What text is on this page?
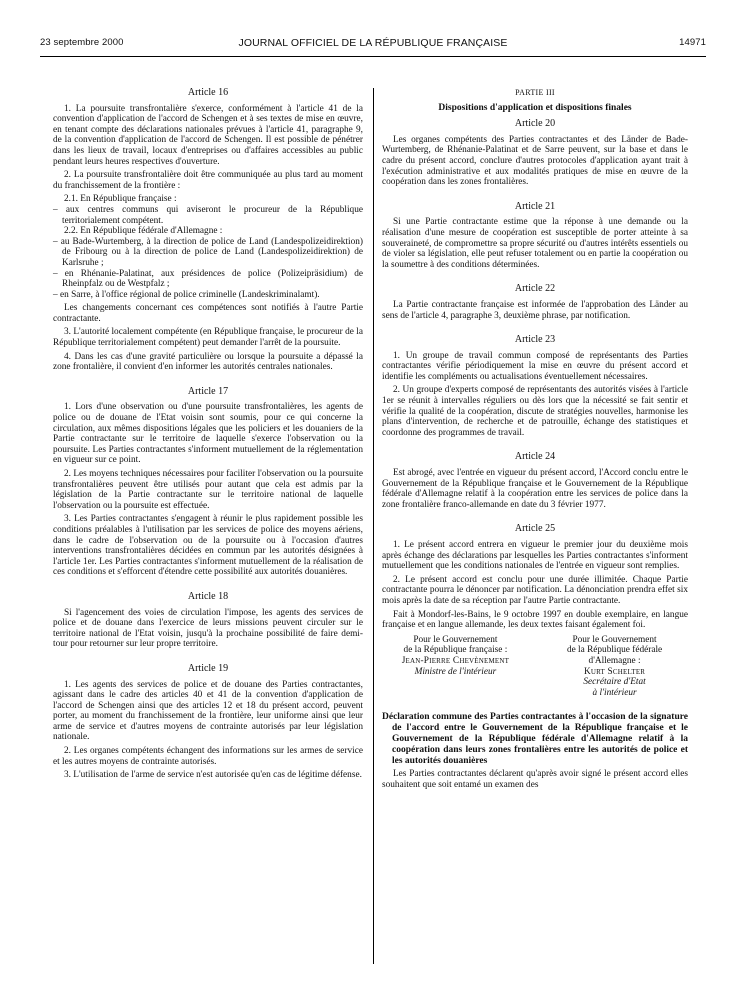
23 septembre 2000	JOURNAL OFFICIEL DE LA RÉPUBLIQUE FRANÇAISE	14971
Article 16

1. La poursuite transfrontalière s'exerce, conformément à l'article 41 de la convention d'application de l'accord de Schengen et à ses textes de mise en œuvre, en tenant compte des déclarations nationales prévues à l'article 41, paragraphe 9, de la convention d'application de l'accord de Schengen. Il est possible de pénétrer dans les lieux de travail, locaux d'entreprises ou d'affaires accessibles au public pendant leurs heures respectives d'ouverture.

2. La poursuite transfrontalière doit être communiquée au plus tard au moment du franchissement de la frontière :

2.1. En République française :

– aux centres communs qui aviseront le procureur de la République territorialement compétent.

2.2. En République fédérale d'Allemagne :

– au Bade-Wurtemberg, à la direction de police de Land (Landespolizeidirektion) de Fribourg ou à la direction de police de Land (Landespolizeidirektion) de Karlsruhe ;

– en Rhénanie-Palatinat, aux présidences de police (Polizeipräsidium) de Rheinpfalz ou de Westpfalz ;

– en Sarre, à l'office régional de police criminelle (Landeskriminalamt).

Les changements concernant ces compétences sont notifiés à l'autre Partie contractante.

3. L'autorité localement compétente (en République française, le procureur de la République territorialement compétent) peut demander l'arrêt de la poursuite.

4. Dans les cas d'une gravité particulière ou lorsque la poursuite a dépassé la zone frontalière, il convient d'en informer les autorités centrales nationales.

Article 17

1. Lors d'une observation ou d'une poursuite transfrontalières, les agents de police ou de douane de l'Etat voisin sont soumis, pour ce qui concerne la circulation, aux mêmes dispositions légales que les policiers et les douaniers de la Partie contractante sur le territoire de laquelle s'exerce l'observation ou la poursuite. Les Parties contractantes s'informent mutuellement de la réglementation en vigueur sur ce point.

2. Les moyens techniques nécessaires pour faciliter l'observation ou la poursuite transfrontalières peuvent être utilisés pour autant que cela est admis par la législation de la Partie contractante sur le territoire national de laquelle l'observation ou la poursuite est effectuée.

3. Les Parties contractantes s'engagent à réunir le plus rapidement possible les conditions préalables à l'utilisation par les services de police des moyens aériens, dans le cadre de l'observation ou de la poursuite ou à l'occasion d'autres interventions transfrontalières décidées en commun par les autorités désignées à l'article 1er. Les Parties contractantes s'informent mutuellement de la réalisation de ces conditions et s'efforcent d'étendre cette possibilité aux autorités douanières.

Article 18

Si l'agencement des voies de circulation l'impose, les agents des services de police et de douane dans l'exercice de leurs missions peuvent circuler sur le territoire national de l'Etat voisin, jusqu'à la prochaine possibilité de faire demi-tour pour retourner sur leur propre territoire.

Article 19

1. Les agents des services de police et de douane des Parties contractantes, agissant dans le cadre des articles 40 et 41 de la convention d'application de l'accord de Schengen ainsi que des articles 12 et 18 du présent accord, peuvent porter, au moment du franchissement de la frontière, leur uniforme ainsi que leur arme de service et d'autres moyens de contrainte autorisés par leur législation nationale.

2. Les organes compétents échangent des informations sur les armes de service et les autres moyens de contrainte autorisés.

3. L'utilisation de l'arme de service n'est autorisée qu'en cas de légitime défense.

PARTIE III
Dispositions d'application et dispositions finales
Article 20

Les organes compétents des Parties contractantes et des Länder de Bade-Wurtemberg, de Rhénanie-Palatinat et de Sarre peuvent, sur la base et dans le cadre du présent accord, conclure d'autres protocoles d'application ayant trait à l'exécution administrative et aux modalités pratiques de mise en œuvre de la coopération dans les zones frontalières.

Article 21

Si une Partie contractante estime que la réponse à une demande ou la réalisation d'une mesure de coopération est susceptible de porter atteinte à sa souveraineté, de compromettre sa propre sécurité ou d'autres intérêts essentiels ou de violer sa législation, elle peut refuser totalement ou en partie la coopération ou la soumettre à des conditions déterminées.

Article 22

La Partie contractante française est informée de l'approbation des Länder au sens de l'article 4, paragraphe 3, deuxième phrase, par notification.

Article 23

1. Un groupe de travail commun composé de représentants des Parties contractantes vérifie périodiquement la mise en œuvre du présent accord et identifie les compléments ou actualisations éventuellement nécessaires.

2. Un groupe d'experts composé de représentants des autorités visées à l'article 1er se réunit à intervalles réguliers ou dès lors que la nécessité se fait sentir et vérifie la qualité de la coopération, discute de stratégies nouvelles, harmonise les plans d'intervention, de recherche et de patrouille, échange des statistiques et coordonne des programmes de travail.

Article 24

Est abrogé, avec l'entrée en vigueur du présent accord, l'Accord conclu entre le Gouvernement de la République française et le Gouvernement de la République fédérale d'Allemagne relatif à la coopération entre les services de police dans la zone frontalière franco-allemande en date du 3 février 1977.

Article 25

1. Le présent accord entrera en vigueur le premier jour du deuxième mois après échange des déclarations par lesquelles les Parties contractantes s'informent mutuellement que les conditions nationales de l'entrée en vigueur sont remplies.

2. Le présent accord est conclu pour une durée illimitée. Chaque Partie contractante pourra le dénoncer par notification. La dénonciation prendra effet six mois après la date de sa réception par l'autre Partie contractante.

Fait à Mondorf-les-Bains, le 9 octobre 1997 en double exemplaire, en langue française et en langue allemande, les deux textes faisant également foi.

Pour le Gouvernement
de la République française :
Jean-Pierre Chevènement
Ministre de l'intérieur
Pour le Gouvernement
de la République fédérale
d'Allemagne :
Kurt Schelter
Secrétaire d'Etat
à l'intérieur

Déclaration commune des Parties contractantes à l'occasion de la signature de l'accord entre le Gouvernement de la République française et le Gouvernement de la République fédérale d'Allemagne relatif à la coopération dans leurs zones frontalières entre les autorités de police et les autorités douanières

Les Parties contractantes déclarent qu'après avoir signé le présent accord elles souhaitent que soit entamé un examen des
